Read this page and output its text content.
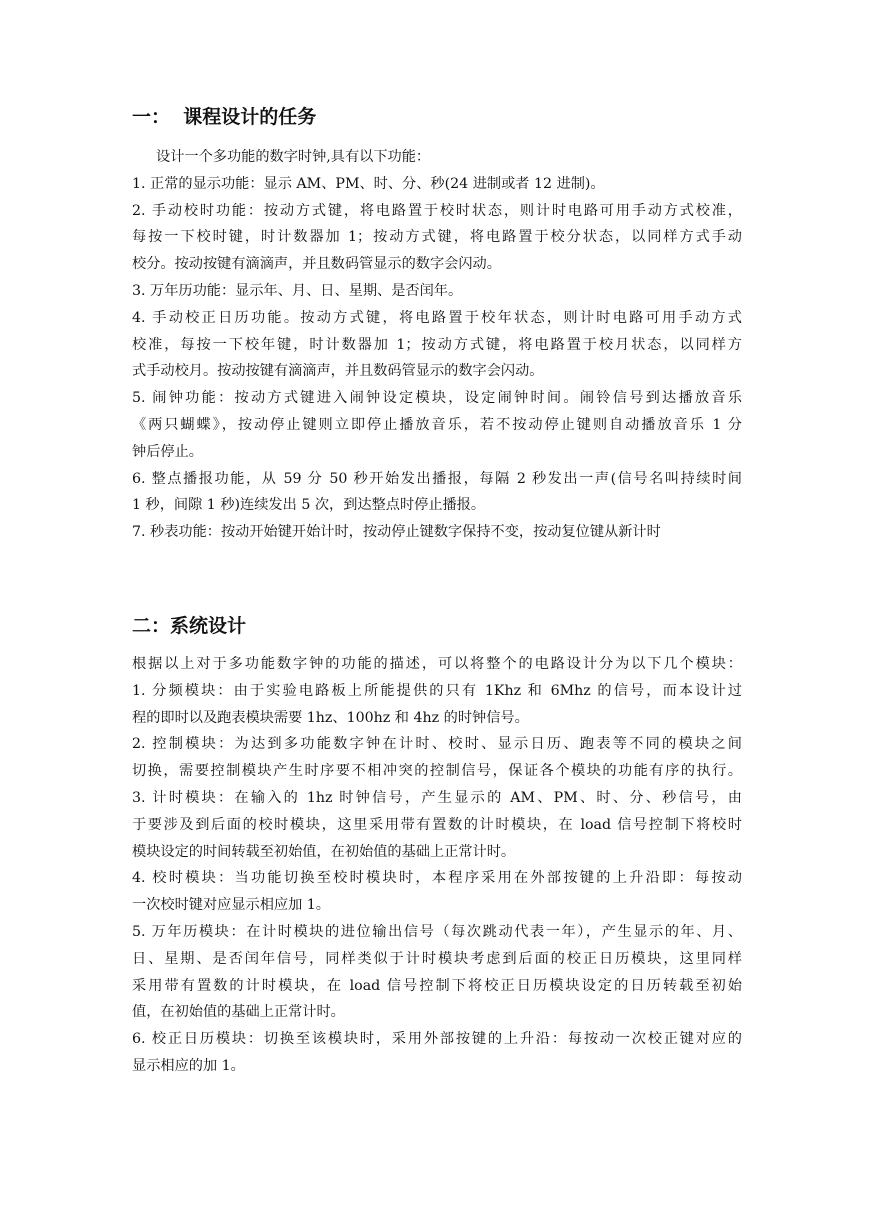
一：  课程设计的任务
设计一个多功能的数字时钟,具有以下功能：
1. 正常的显示功能：显示 AM、PM、时、分、秒(24 进制或者 12 进制)。
2. 手动校时功能：按动方式键，将电路置于校时状态，则计时电路可用手动方式校准，
每按一下校时键，时计数器加 1；按动方式键，将电路置于校分状态，以同样方式手动
校分。按动按键有滴滴声，并且数码管显示的数字会闪动。
3. 万年历功能：显示年、月、日、星期、是否闰年。
4. 手动校正日历功能。按动方式键，将电路置于校年状态，则计时电路可用手动方式
校准，每按一下校年键，时计数器加 1；按动方式键，将电路置于校月状态，以同样方
式手动校月。按动按键有滴滴声，并且数码管显示的数字会闪动。
5. 闹钟功能：按动方式键进入闹钟设定模块，设定闹钟时间。闹铃信号到达播放音乐
《两只蝴蝶》，按动停止键则立即停止播放音乐，若不按动停止键则自动播放音乐 1 分
钟后停止。
6. 整点播报功能，从 59 分 50 秒开始发出播报，每隔 2 秒发出一声(信号名叫持续时间
1 秒，间隙 1 秒)连续发出 5 次，到达整点时停止播报。
7. 秒表功能：按动开始键开始计时，按动停止键数字保持不变，按动复位键从新计时
二：系统设计
根据以上对于多功能数字钟的功能的描述，可以将整个的电路设计分为以下几个模块：
1. 分频模块：由于实验电路板上所能提供的只有 1Khz 和 6Mhz 的信号，而本设计过
程的即时以及跑表模块需要 1hz、100hz 和 4hz 的时钟信号。
2. 控制模块：为达到多功能数字钟在计时、校时、显示日历、跑表等不同的模块之间
切换，需要控制模块产生时序要不相冲突的控制信号，保证各个模块的功能有序的执行。
3. 计时模块：在输入的 1hz 时钟信号，产生显示的 AM、PM、时、分、秒信号，由
于要涉及到后面的校时模块，这里采用带有置数的计时模块，在 load 信号控制下将校时
模块设定的时间转载至初始值，在初始值的基础上正常计时。
4. 校时模块：当功能切换至校时模块时，本程序采用在外部按键的上升沿即：每按动
一次校时键对应显示相应加 1。
5. 万年历模块：在计时模块的进位输出信号（每次跳动代表一年），产生显示的年、月、
日、星期、是否闰年信号，同样类似于计时模块考虑到后面的校正日历模块，这里同样
采用带有置数的计时模块，在 load 信号控制下将校正日历模块设定的日历转载至初始
值，在初始值的基础上正常计时。
6. 校正日历模块：切换至该模块时，采用外部按键的上升沿：每按动一次校正键对应的
显示相应的加 1。
